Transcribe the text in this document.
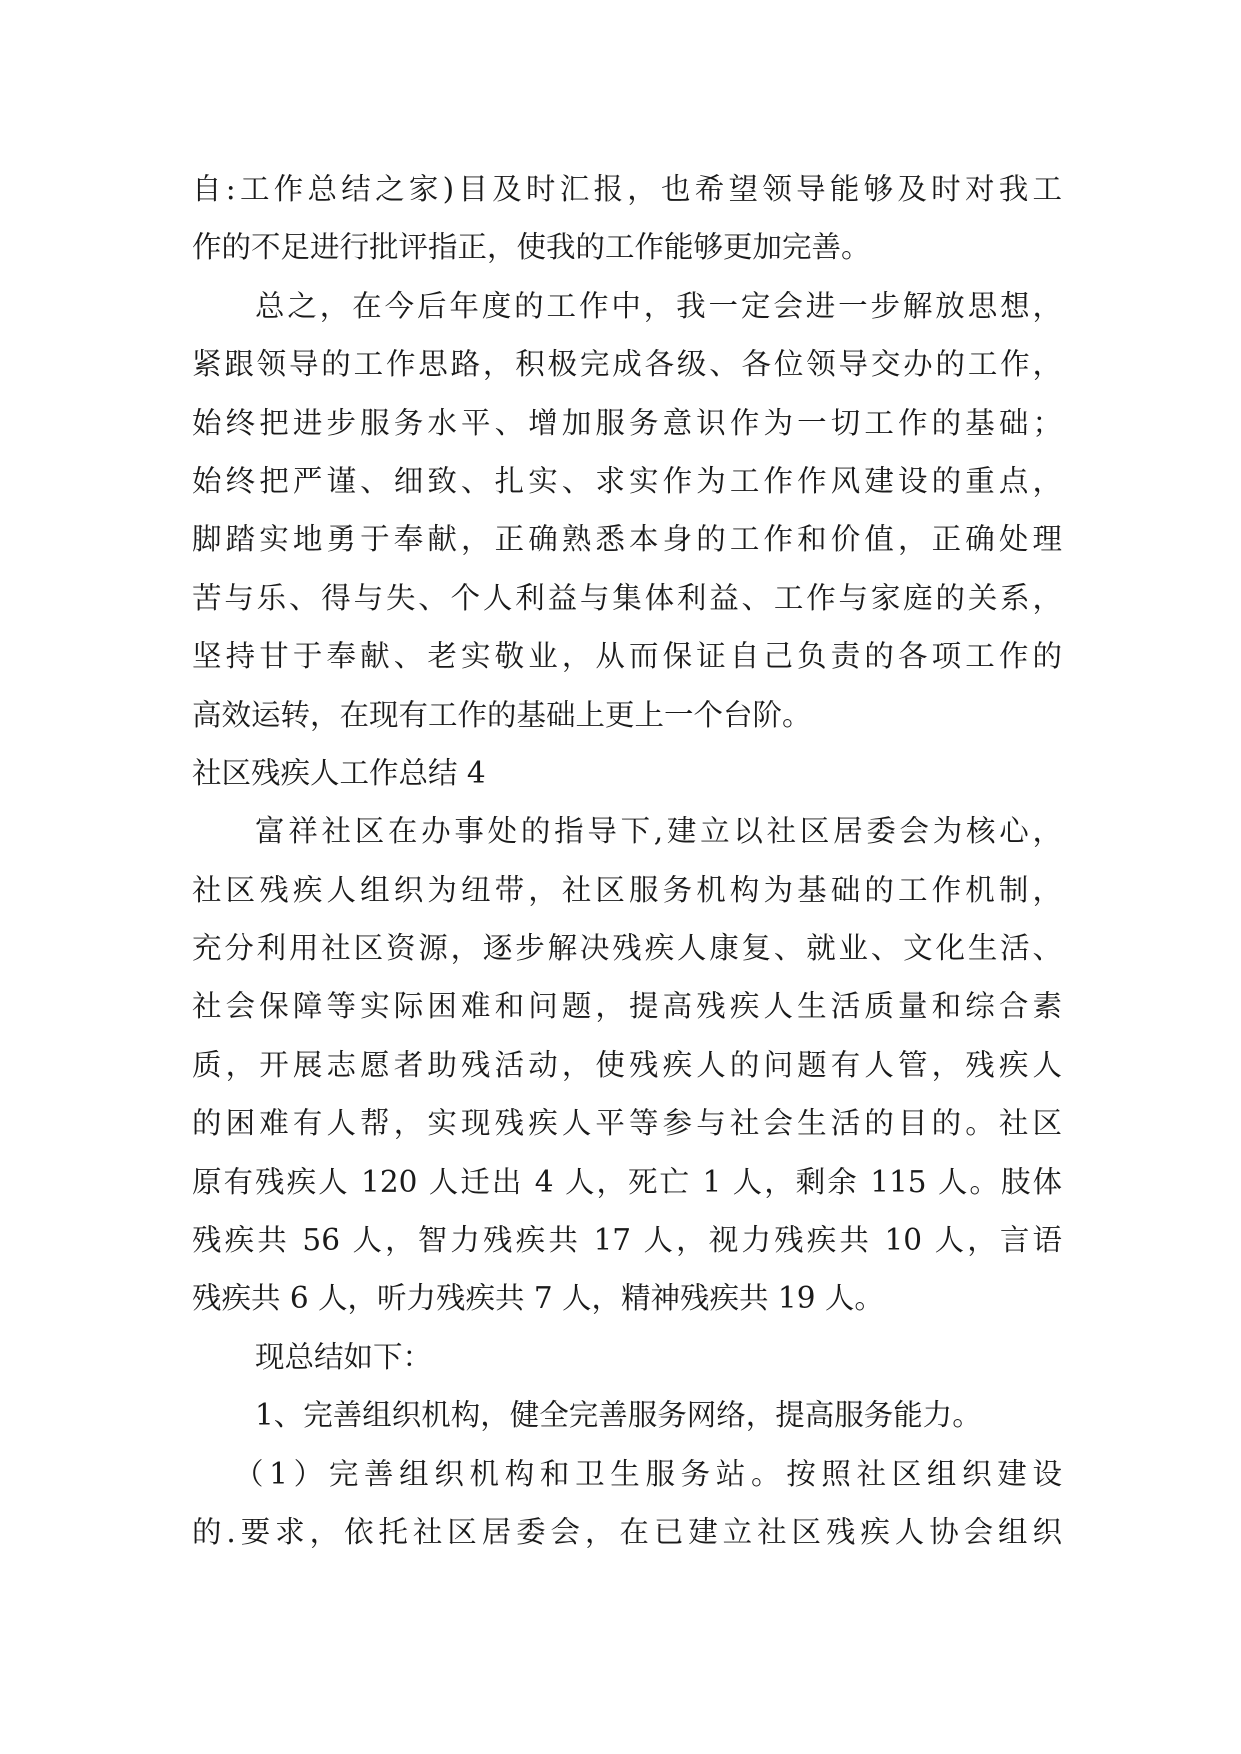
自:工作总结之家)目及时汇报，也希望领导能够及时对我工
作的不足进行批评指正，使我的工作能够更加完善。
总之，在今后年度的工作中，我一定会进一步解放思想，
紧跟领导的工作思路，积极完成各级、各位领导交办的工作，
始终把进步服务水平、增加服务意识作为一切工作的基础；
始终把严谨、细致、扎实、求实作为工作作风建设的重点，
脚踏实地勇于奉献，正确熟悉本身的工作和价值，正确处理
苦与乐、得与失、个人利益与集体利益、工作与家庭的关系，
坚持甘于奉献、老实敬业，从而保证自己负责的各项工作的
高效运转，在现有工作的基础上更上一个台阶。
社区残疾人工作总结 4
富祥社区在办事处的指导下,建立以社区居委会为核心，
社区残疾人组织为纽带，社区服务机构为基础的工作机制，
充分利用社区资源，逐步解决残疾人康复、就业、文化生活、
社会保障等实际困难和问题，提高残疾人生活质量和综合素
质，开展志愿者助残活动，使残疾人的问题有人管，残疾人
的困难有人帮，实现残疾人平等参与社会生活的目的。社区
原有残疾人 120 人迁出 4 人，死亡 1 人，剩余 115 人。肢体
残疾共 56 人，智力残疾共 17 人，视力残疾共 10 人，言语
残疾共 6 人，听力残疾共 7 人，精神残疾共 19 人。
现总结如下：
1、完善组织机构，健全完善服务网络，提高服务能力。
（1）完善组织机构和卫生服务站。按照社区组织建设
的.要求，依托社区居委会，在已建立社区残疾人协会组织
